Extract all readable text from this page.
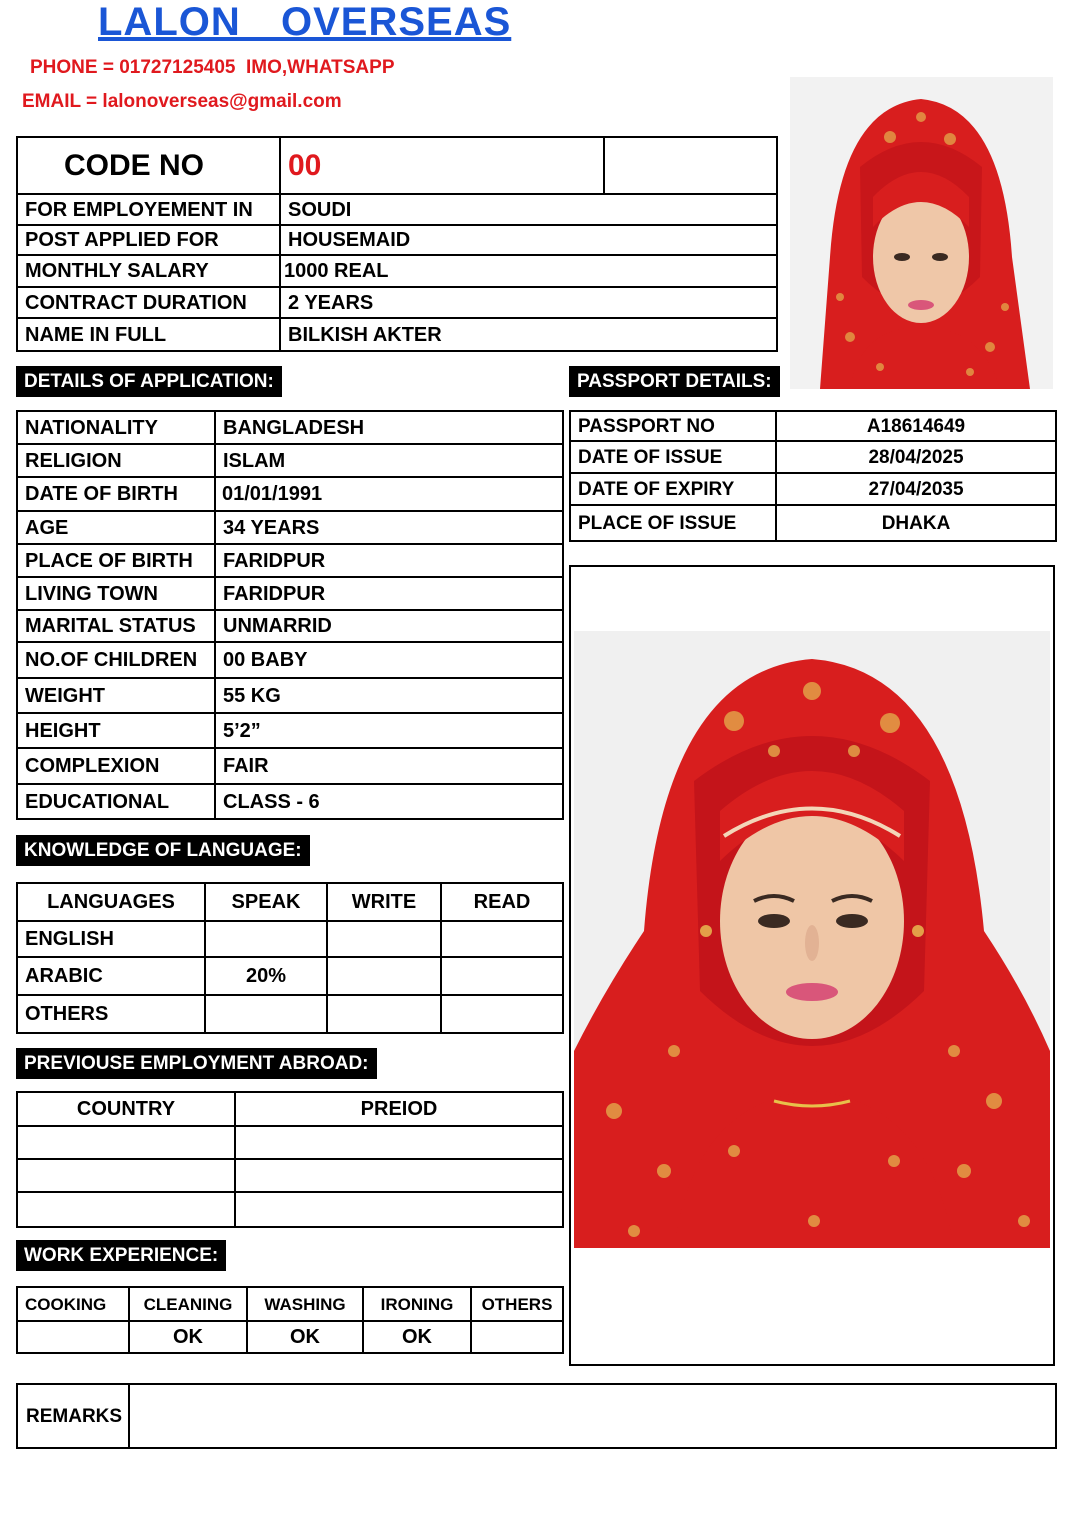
LALON  OVERSEAS
PHONE = 01727125405  IMO,WHATSAPP
EMAIL = lalonoverseas@gmail.com
CODE NO	00	
FOR EMPLOYEMENT IN	SOUDI	
POST APPLIED FOR	HOUSEMAID	
MONTHLY SALARY	1000 REAL	
CONTRACT DURATION	2 YEARS	
NAME IN FULL	BILKISH AKTER	
DETAILS OF APPLICATION:
NATIONALITY	BANGLADESH
RELIGION	ISLAM
DATE OF BIRTH	01/01/1991
AGE	34 YEARS
PLACE OF BIRTH	FARIDPUR
LIVING TOWN	FARIDPUR
MARITAL STATUS	UNMARRID
NO.OF CHILDREN	00 BABY
WEIGHT	55 KG
HEIGHT	5’2”
COMPLEXION	FAIR
EDUCATIONAL	CLASS - 6
PASSPORT DETAILS:
PASSPORT NO	A18614649
DATE OF ISSUE	28/04/2025
DATE OF EXPIRY	27/04/2035
PLACE OF ISSUE	DHAKA
KNOWLEDGE OF LANGUAGE:
LANGUAGES	SPEAK	WRITE	READ
ENGLISH			
ARABIC	20%		
OTHERS			
PREVIOUSE EMPLOYMENT ABROAD:
COUNTRY	PREIOD

WORK EXPERIENCE:
COOKING	CLEANING	WASHING	IRONING	OTHERS
	OK	OK	OK	
REMARKS	
